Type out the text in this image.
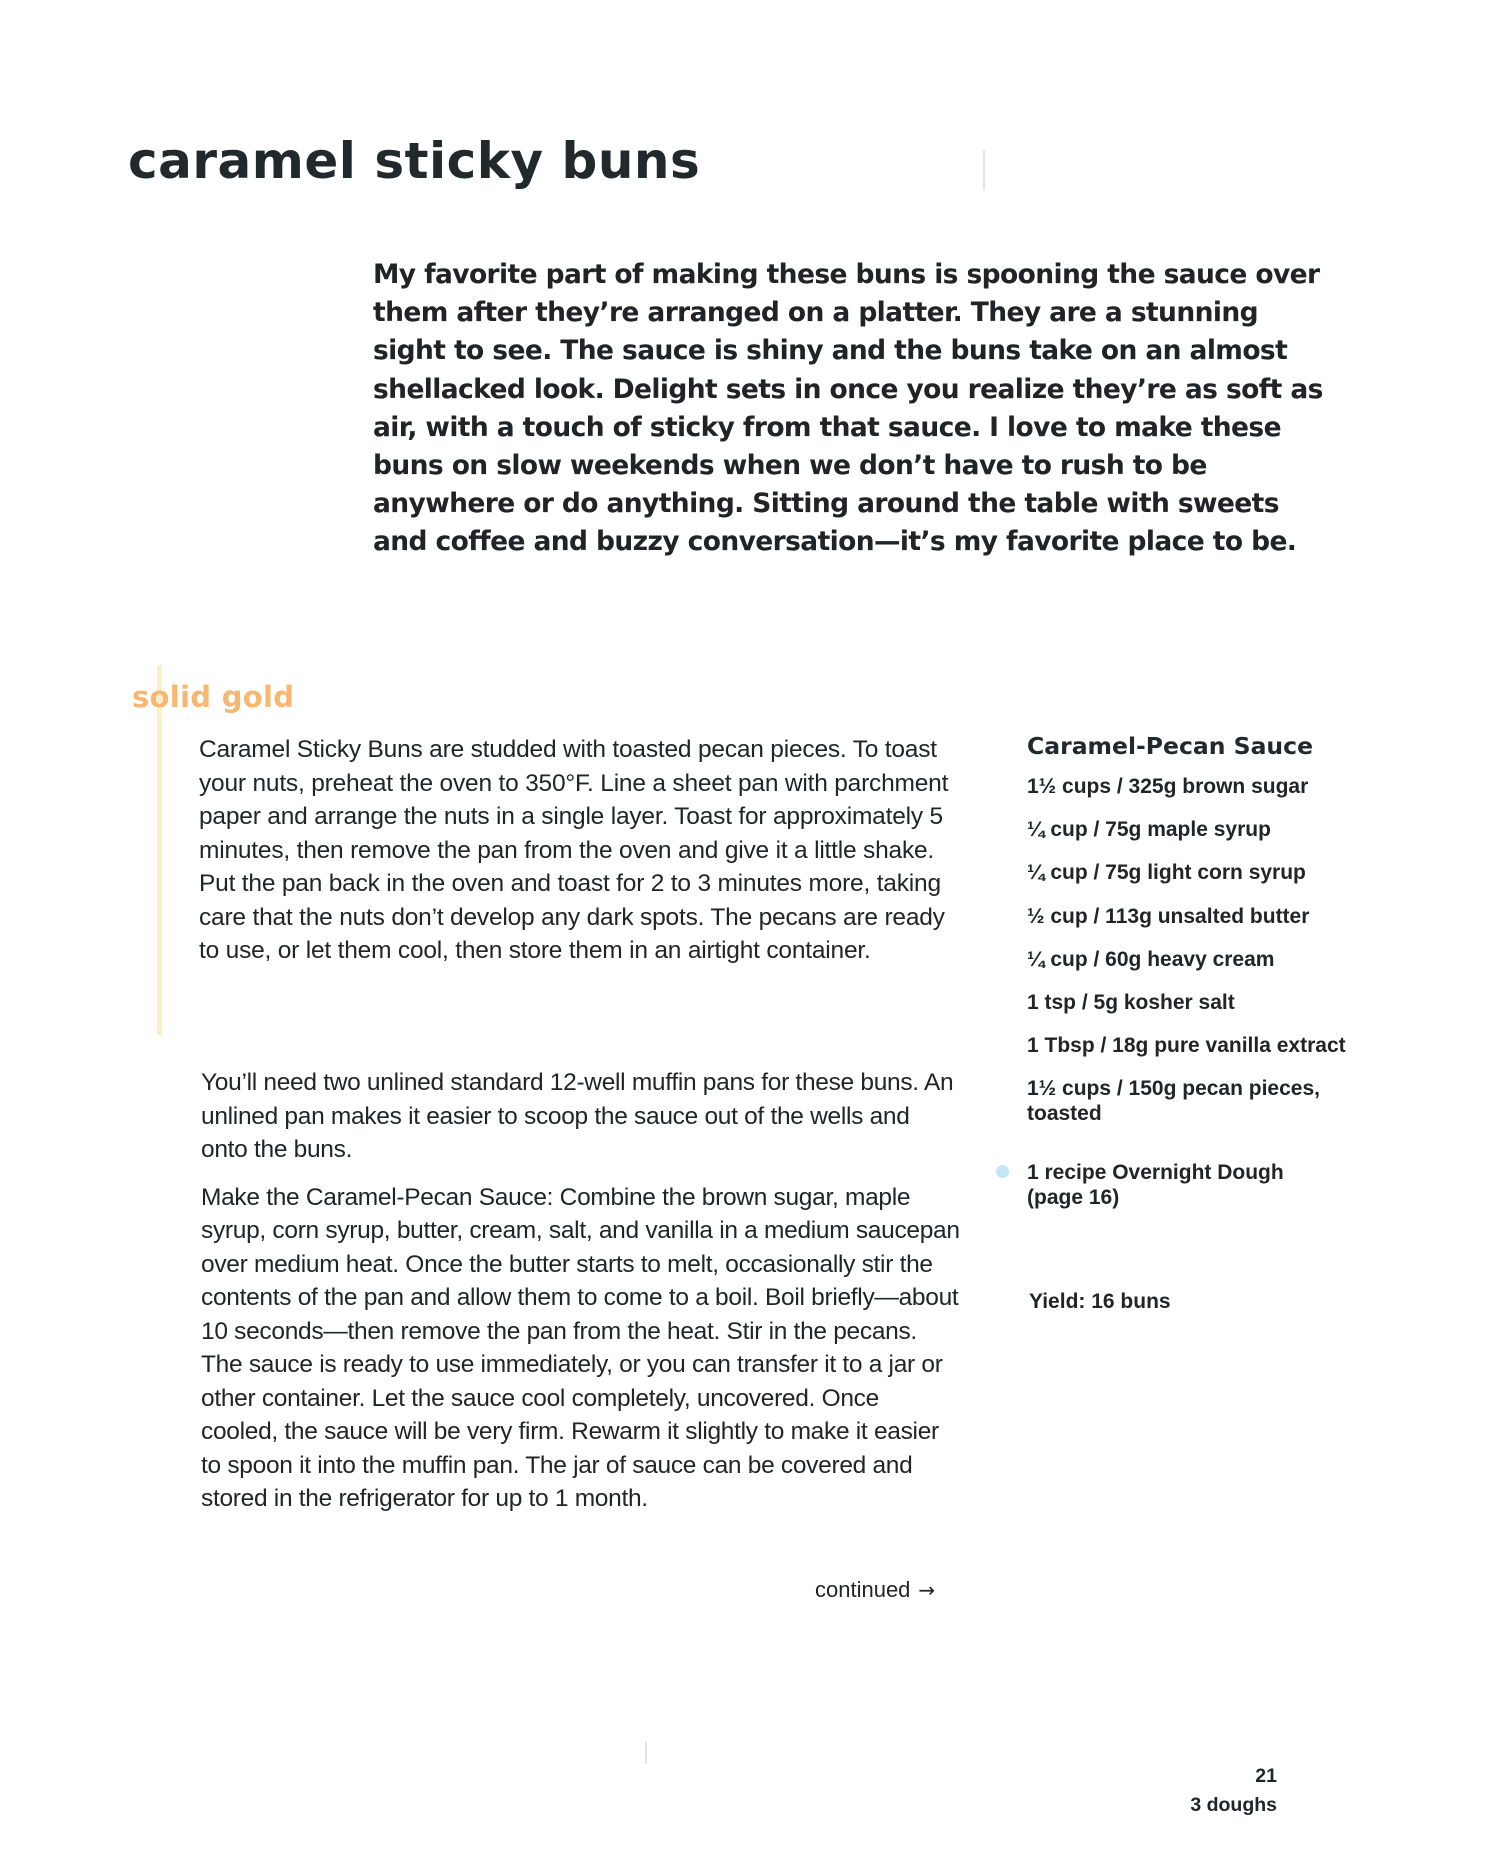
caramel sticky buns

My favorite part of making these buns is spooning the sauce over them after they’re arranged on a platter. They are a stunning sight to see. The sauce is shiny and the buns take on an almost shellacked look. Delight sets in once you realize they’re as soft as air, with a touch of sticky from that sauce. I love to make these buns on slow weekends when we don’t have to rush to be anywhere or do anything. Sitting around the table with sweets and coffee and buzzy conversation—it’s my favorite place to be.

solid gold

Caramel Sticky Buns are studded with toasted pecan pieces. To toast your nuts, preheat the oven to 350°F. Line a sheet pan with parchment paper and arrange the nuts in a single layer. Toast for approximately 5 minutes, then remove the pan from the oven and give it a little shake. Put the pan back in the oven and toast for 2 to 3 minutes more, taking care that the nuts don’t develop any dark spots. The pecans are ready to use, or let them cool, then store them in an airtight container.

You’ll need two unlined standard 12-well muffin pans for these buns. An unlined pan makes it easier to scoop the sauce out of the wells and onto the buns.

Make the Caramel-Pecan Sauce: Combine the brown sugar, maple syrup, corn syrup, butter, cream, salt, and vanilla in a medium saucepan over medium heat. Once the butter starts to melt, occasionally stir the contents of the pan and allow them to come to a boil. Boil briefly—about 10 seconds—then remove the pan from the heat. Stir in the pecans. The sauce is ready to use immediately, or you can transfer it to a jar or other container. Let the sauce cool completely, uncovered. Once cooled, the sauce will be very firm. Rewarm it slightly to make it easier to spoon it into the muffin pan. The jar of sauce can be covered and stored in the refrigerator for up to 1 month.

continued →
Caramel-Pecan Sauce
1½ cups / 325g brown sugar
¼ cup / 75g maple syrup
¼ cup / 75g light corn syrup
½ cup / 113g unsalted butter
¼ cup / 60g heavy cream
1 tsp / 5g kosher salt
1 Tbsp / 18g pure vanilla extract
1½ cups / 150g pecan pieces, toasted
1 recipe Overnight Dough (page 16)
Yield: 16 buns
21
3 doughs
